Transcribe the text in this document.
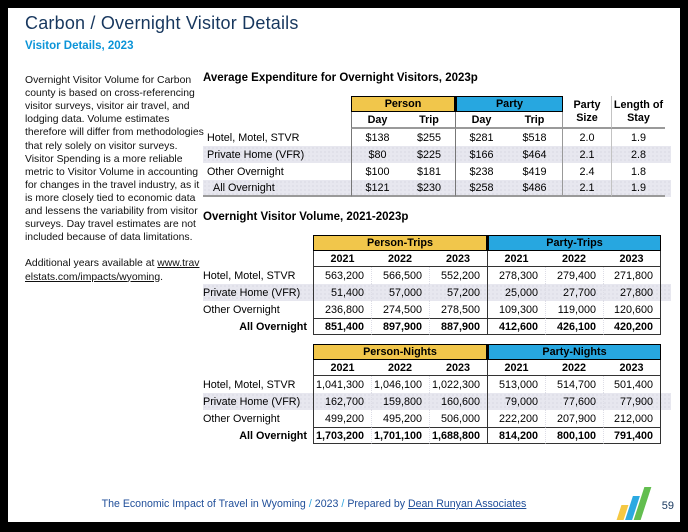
Carbon / Overnight Visitor Details
Visitor Details, 2023

Overnight Visitor Volume for Carbon county is based on cross-referencing visitor surveys, visitor air travel, and lodging data. Volume estimates therefore will differ from methodologies that rely solely on visitor surveys. Visitor Spending is a more reliable metric to Visitor Volume in accounting for changes in the travel industry, as it is more closely tied to economic data and lessens the variability from visitor surveys. Day travel estimates are not included because of data limitations.

Additional years available at www.travelstats.com/impacts/wyoming.

Average Expenditure for Overnight Visitors, 2023p
Person	Party
Day	Trip	Day	Trip
Party Size
Length of Stay
Hotel, Motel, STVR	$138	$255	$281	$518	2.0	1.9
Private Home (VFR)	$80	$225	$166	$464	2.1	2.8
Other Overnight	$100	$181	$238	$419	2.4	1.8
All Overnight	$121	$230	$258	$486	2.1	1.9
Overnight Visitor Volume, 2021-2023p
Person-Trips	Party-Trips
2021	2022	2023	2021	2022	2023
Hotel, Motel, STVR	563,200	566,500	552,200	278,300	279,400	271,800
Private Home (VFR)	51,400	57,000	57,200	25,000	27,700	27,800
Other Overnight	236,800	274,500	278,500	109,300	119,000	120,600
All Overnight	851,400	897,900	887,900	412,600	426,100	420,200
Person-Nights	Party-Nights
2021	2022	2023	2021	2022	2023
Hotel, Motel, STVR	1,041,300 1,046,100 1,022,300	513,000	514,700	501,400
Private Home (VFR)	162,700	159,800	160,600	79,000	77,600	77,900
Other Overnight	499,200	495,200	506,000	222,200	207,900	212,000
All Overnight 1,703,200 1,701,100 1,688,800	814,200	800,100	791,400
The Economic Impact of Travel in Wyoming / 2023 / Prepared by Dean Runyan Associates	59
